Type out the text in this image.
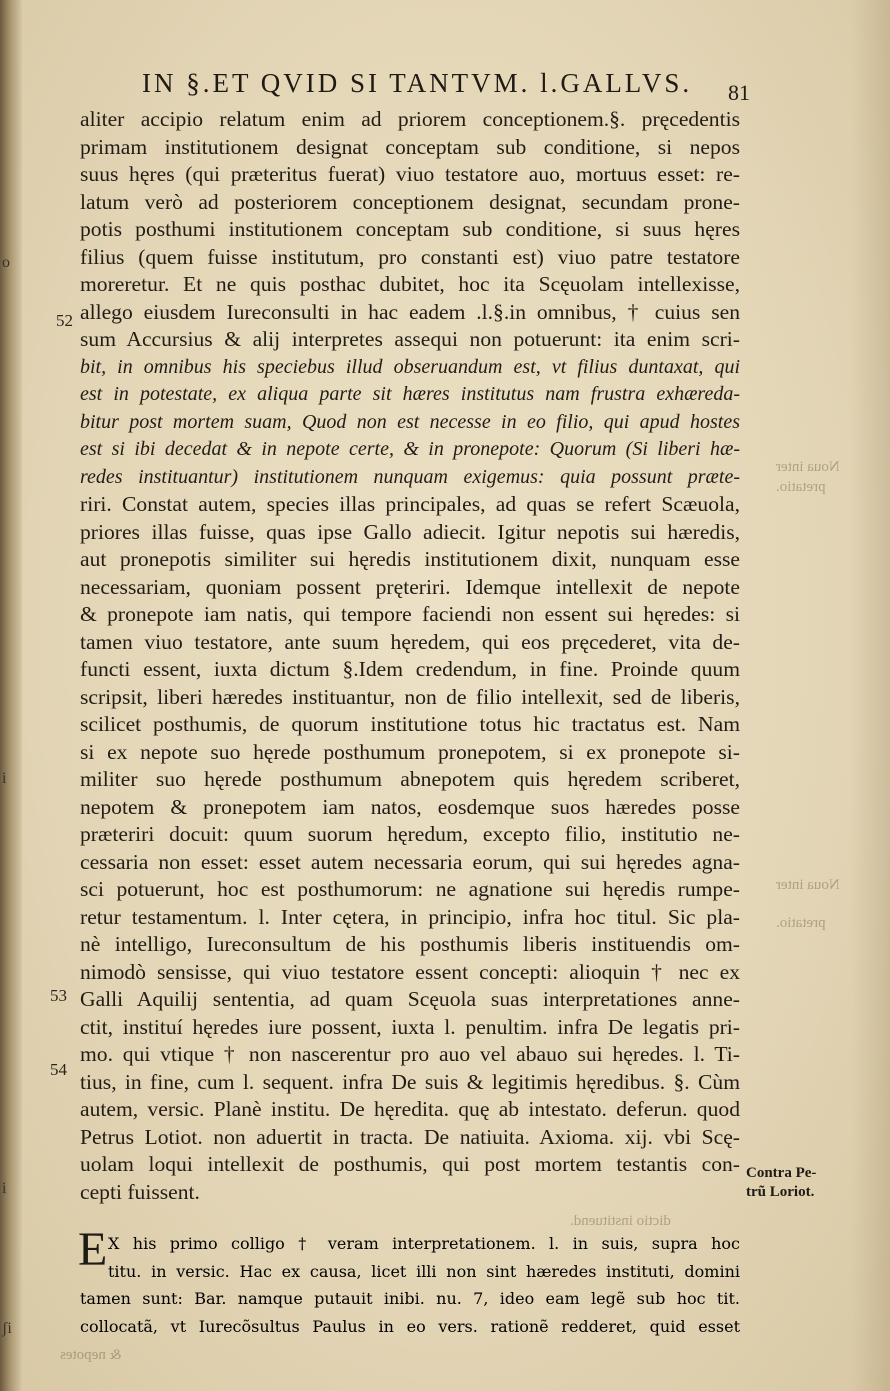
IN §.ET QVID SI TANTVM. l.GALLVS.	81
aliter accipio relatum enim ad priorem conceptionem.§. pręcedentis
primam institutionem designat conceptam sub conditione, si nepos
suus hęres (qui præteritus fuerat) viuo testatore auo, mortuus esset: re-
latum verò ad posteriorem conceptionem designat, secundam prone-
potis posthumi institutionem conceptam sub conditione, si suus hęres
filius (quem fuisse institutum, pro constanti est) viuo patre testatore
moreretur. Et ne quis posthac dubitet, hoc ita Scęuolam intellexisse,
allego eiusdem Iureconsulti in hac eadem .l.§.in omnibus, † cuius sen
sum Accursius & alij interpretes assequi non potuerunt: ita enim scri-
bit, in omnibus his speciebus illud obseruandum est, vt filius duntaxat, qui
est in potestate, ex aliqua parte sit hæres institutus nam frustra exhæreda-
bitur post mortem suam, Quod non est necesse in eo filio, qui apud hostes
est si ibi decedat & in nepote certe, & in pronepote: Quorum (Si liberi hæ-
redes instituantur) institutionem nunquam exigemus: quia possunt prætе-
riri. Constat autem, species illas principales, ad quas se refert Scæuola,
priores illas fuisse, quas ipse Gallo adiecit. Igitur nepotis sui hæredis,
aut pronepotis similiter sui hęredis institutionem dixit, nunquam esse
necessariam, quoniam possent pręteriri. Idemque intellexit de nepote
& pronepote iam natis, qui tempore faciendi non essent sui hęredes: si
tamen viuo testatore, ante suum hęredem, qui eos pręcederet, vita de-
functi essent, iuxta dictum §.Idem credendum, in fine. Proinde quum
scripsit, liberi hæredes instituantur, non de filio intellexit, sed de liberis,
scilicet posthumis, de quorum institutione totus hic tractatus est. Nam
si ex nepote suo hęrede posthumum pronepotem, si ex pronepote si-
militer suo hęrede posthumum abnepotem quis hęredem scriberet,
nepotem & pronepotem iam natos, eosdemque suos hæredes posse
præteriri docuit: quum suorum hęredum, excepto filio, institutio ne-
cessaria non esset: esset autem necessaria eorum, qui sui hęredes agna-
sci potuerunt, hoc est posthumorum: ne agnatione sui hęredis rumpe-
retur testamentum. l. Inter cętera, in principio, infra hoc titul. Sic pla-
nè intelligo, Iureconsultum de his posthumis liberis instituendis om-
nimodò sensisse, qui viuo testatore essent concepti: alioquin † nec ex
Galli Aquilij sententia, ad quam Scęuola suas interpretationes anne-
ctit, instituí hęredes iure possent, iuxta l. penultim. infra De legatis pri-
mo. qui vtique † non nascerentur pro auo vel abauo sui hęredes. l. Ti-
tius, in fine, cum l. sequent. infra De suis & legitimis hęredibus. §. Cùm
autem, versic. Planè institu. De hęredita. quę ab intestato. deferun. quod
Petrus Lotiot. non aduertit in tracta. De natiuita. Axioma. xij. vbi Scę-
uolam loqui intellexit de posthumis, qui post mortem testantis con-
cepti fuissent.
E X his primo colligo † veram interpretationem. l. in suis, supra hoc
titu. in versic. Hac ex causa, licet illi non sint hæredes instituti, domini
tamen sunt: Bar. namque putauit inibi. nu. 7, ideo eam legẽ sub hoc tit.
collocatã, vt Iurecõsultus Paulus in eo vers. rationẽ redderet, quid esset
52
53
54
Contra Pe-
trũ Loriot.
Noua inter
pretatio.
Noua inter
pretatio.
dictio instituend.
& nepotes
o
i
i
ʃi
